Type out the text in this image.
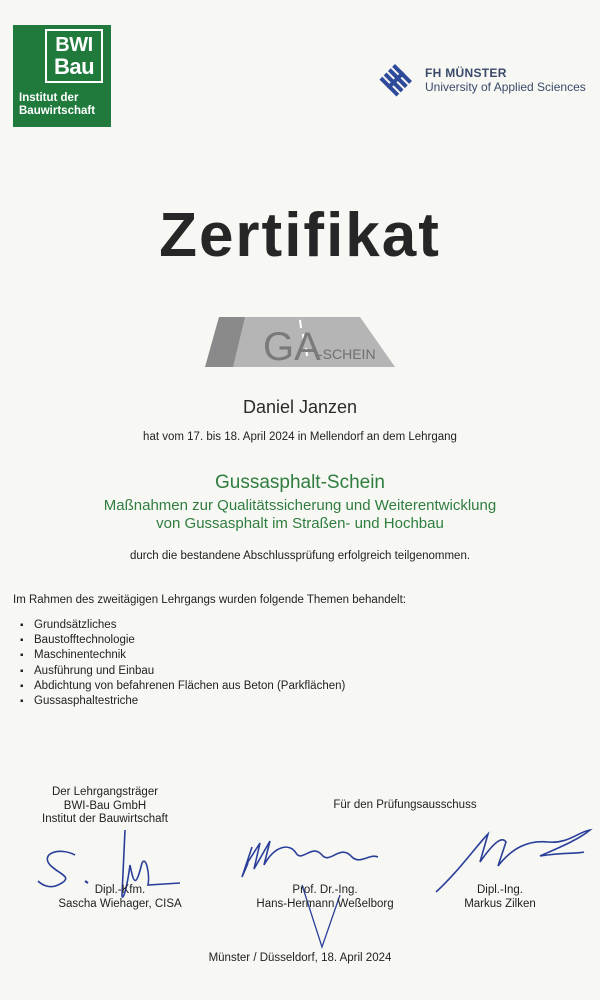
BWI
Bau
Institut der
Bauwirtschaft
FH MÜNSTER
University of Applied Sciences
Zertifikat
GA
-SCHEIN
Daniel Janzen
hat vom 17. bis 18. April 2024 in Mellendorf an dem Lehrgang
Gussasphalt-Schein
Maßnahmen zur Qualitätssicherung und Weiterentwicklung
von Gussasphalt im Straßen- und Hochbau
durch die bestandene Abschlussprüfung erfolgreich teilgenommen.
Im Rahmen des zweitägigen Lehrgangs wurden folgende Themen behandelt:
▪ Grundsätzliches
▪ Baustofftechnologie
▪ Maschinentechnik
▪ Ausführung und Einbau
▪ Abdichtung von befahrenen Flächen aus Beton (Parkflächen)
▪ Gussasphaltestriche
Der Lehrgangsträger
BWI-Bau GmbH
Institut der Bauwirtschaft
Für den Prüfungsausschuss
Dipl.-Kfm.
Sascha Wiehager, CISA
Prof. Dr.-Ing.
Hans-Hermann Weßelborg
Dipl.-Ing.
Markus Zilken
Münster / Düsseldorf, 18. April 2024
